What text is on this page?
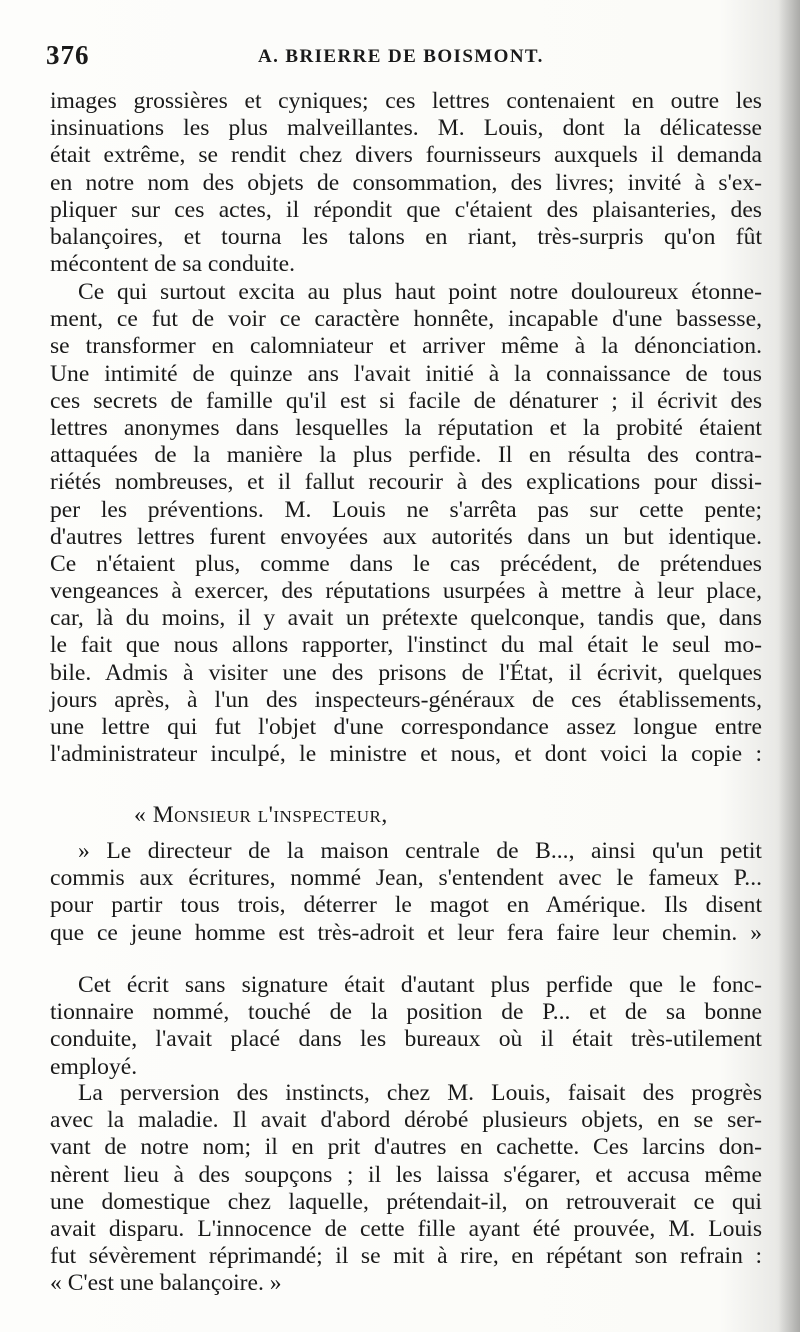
376	A. BRIERRE DE BOISMONT.
images grossières et cyniques; ces lettres contenaient en outre les
insinuations les plus malveillantes. M. Louis, dont la délicatesse
était extrême, se rendit chez divers fournisseurs auxquels il demanda
en notre nom des objets de consommation, des livres; invité à s'ex-
pliquer sur ces actes, il répondit que c'étaient des plaisanteries, des
balançoires, et tourna les talons en riant, très-surpris qu'on fût
mécontent de sa conduite.
Ce qui surtout excita au plus haut point notre douloureux étonne-
ment, ce fut de voir ce caractère honnête, incapable d'une bassesse,
se transformer en calomniateur et arriver même à la dénonciation.
Une intimité de quinze ans l'avait initié à la connaissance de tous
ces secrets de famille qu'il est si facile de dénaturer ; il écrivit des
lettres anonymes dans lesquelles la réputation et la probité étaient
attaquées de la manière la plus perfide. Il en résulta des contra-
riétés nombreuses, et il fallut recourir à des explications pour dissi-
per les préventions. M. Louis ne s'arrêta pas sur cette pente;
d'autres lettres furent envoyées aux autorités dans un but identique.
Ce n'étaient plus, comme dans le cas précédent, de prétendues
vengeances à exercer, des réputations usurpées à mettre à leur place,
car, là du moins, il y avait un prétexte quelconque, tandis que, dans
le fait que nous allons rapporter, l'instinct du mal était le seul mo-
bile. Admis à visiter une des prisons de l'État, il écrivit, quelques
jours après, à l'un des inspecteurs-généraux de ces établissements,
une lettre qui fut l'objet d'une correspondance assez longue entre
l'administrateur inculpé, le ministre et nous, et dont voici la copie :
« Monsieur l'inspecteur,
» Le directeur de la maison centrale de B..., ainsi qu'un petit
commis aux écritures, nommé Jean, s'entendent avec le fameux P...
pour partir tous trois, déterrer le magot en Amérique. Ils disent
que ce jeune homme est très-adroit et leur fera faire leur chemin. »
Cet écrit sans signature était d'autant plus perfide que le fonc-
tionnaire nommé, touché de la position de P... et de sa bonne
conduite, l'avait placé dans les bureaux où il était très-utilement
employé.
La perversion des instincts, chez M. Louis, faisait des progrès
avec la maladie. Il avait d'abord dérobé plusieurs objets, en se ser-
vant de notre nom; il en prit d'autres en cachette. Ces larcins don-
nèrent lieu à des soupçons ; il les laissa s'égarer, et accusa même
une domestique chez laquelle, prétendait-il, on retrouverait ce qui
avait disparu. L'innocence de cette fille ayant été prouvée, M. Louis
fut sévèrement réprimandé; il se mit à rire, en répétant son refrain :
« C'est une balançoire. »
